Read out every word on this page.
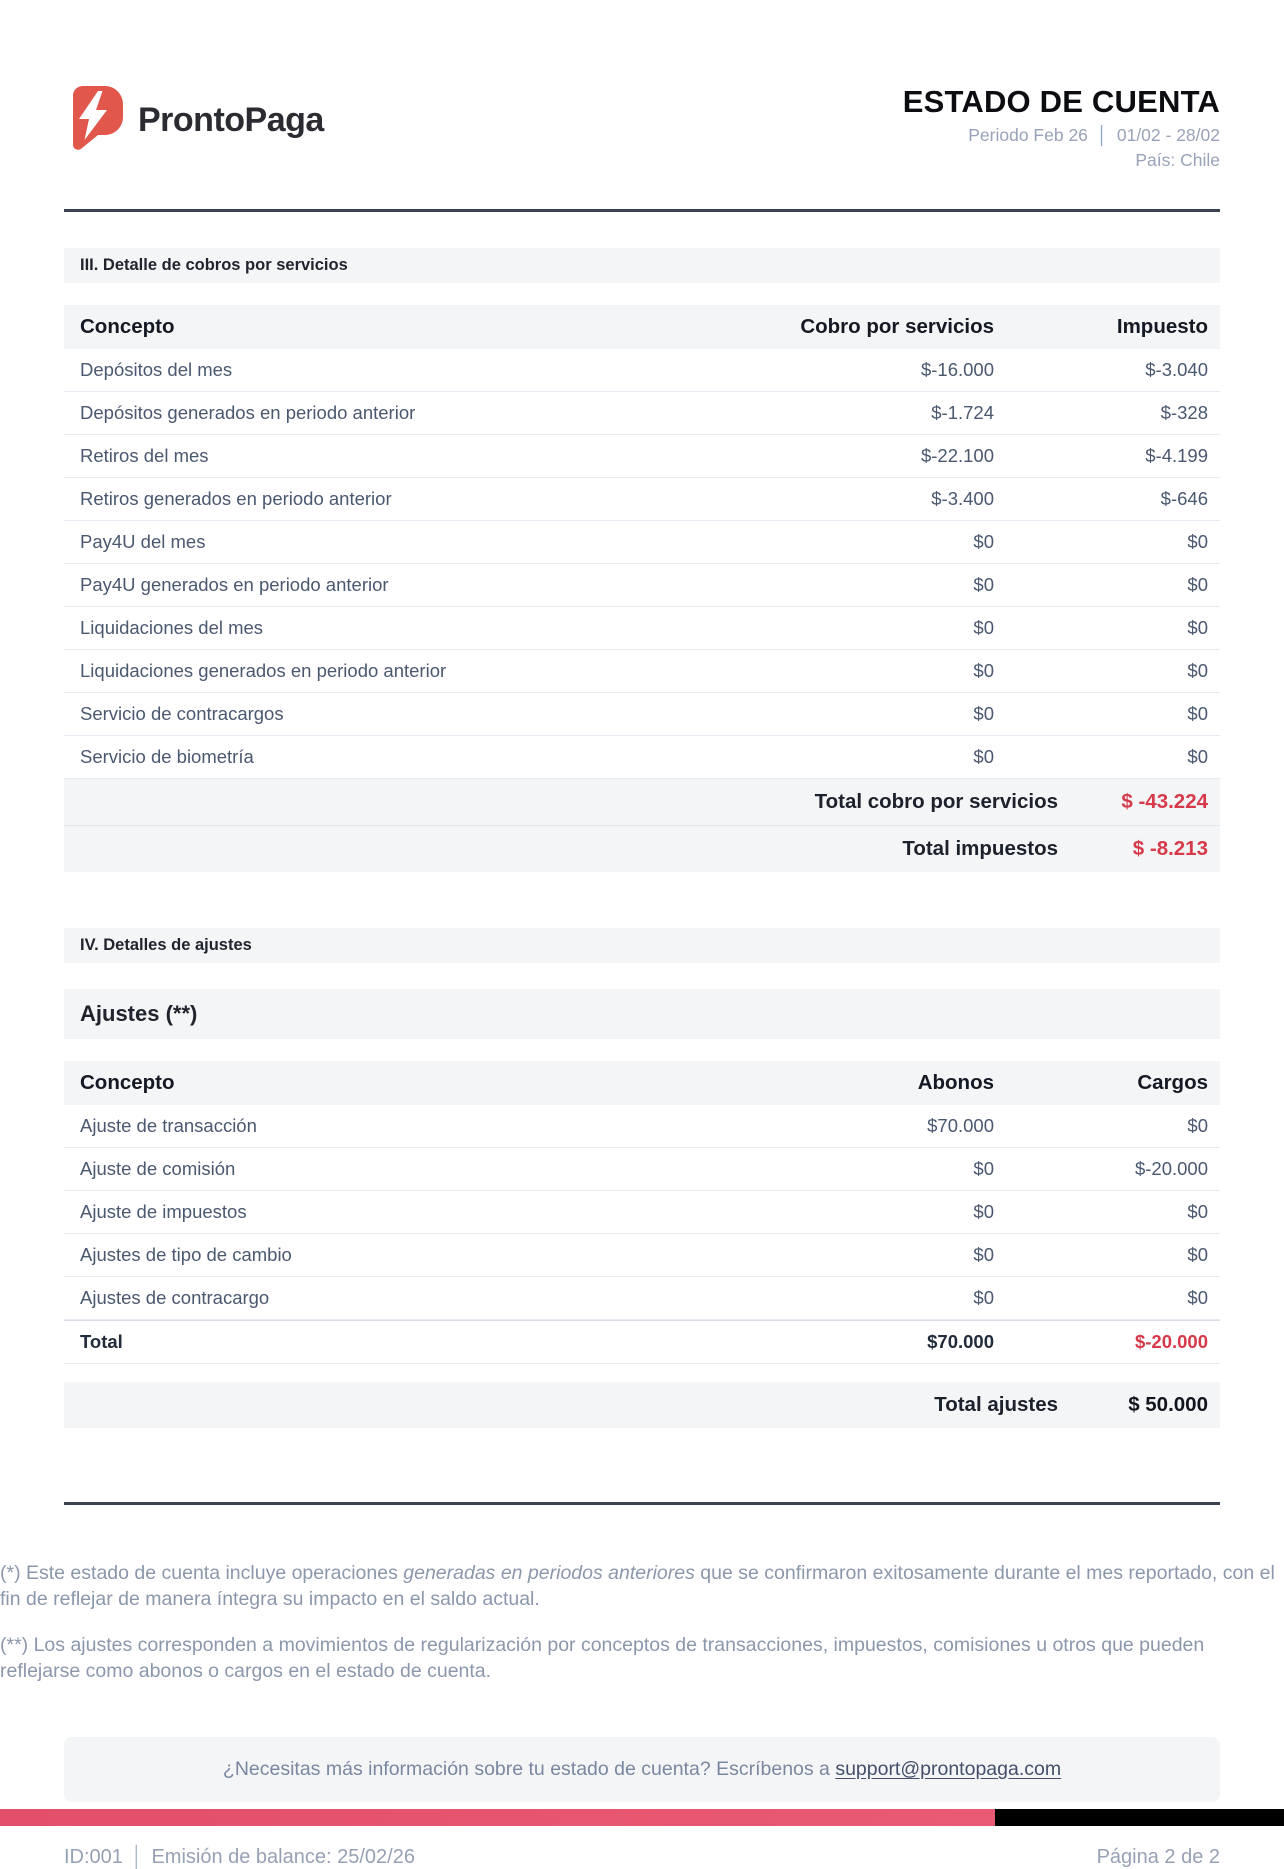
ProntoPaga	ESTADO DE CUENTA
Periodo Feb 26 │ 01/02 - 28/02
País: Chile
III. Detalle de cobros por servicios
Concepto	Cobro por servicios	Impuesto
Depósitos del mes	$-16.000	$-3.040
Depósitos generados en periodo anterior	$-1.724	$-328
Retiros del mes	$-22.100	$-4.199
Retiros generados en periodo anterior	$-3.400	$-646
Pay4U del mes	$0	$0
Pay4U generados en periodo anterior	$0	$0
Liquidaciones del mes	$0	$0
Liquidaciones generados en periodo anterior	$0	$0
Servicio de contracargos	$0	$0
Servicio de biometría	$0	$0
Total cobro por servicios	$ -43.224
Total impuestos	$ -8.213
IV. Detalles de ajustes
Ajustes (**)
Concepto	Abonos	Cargos
Ajuste de transacción	$70.000	$0
Ajuste de comisión	$0	$-20.000
Ajuste de impuestos	$0	$0
Ajustes de tipo de cambio	$0	$0
Ajustes de contracargo	$0	$0
Total	$70.000	$-20.000
Total ajustes	$ 50.000

(*) Este estado de cuenta incluye operaciones generadas en periodos anteriores que se confirmaron exitosamente durante el mes reportado, con el fin de reflejar de manera íntegra su impacto en el saldo actual.

(**) Los ajustes corresponden a movimientos de regularización por conceptos de transacciones, impuestos, comisiones u otros que pueden reflejarse como abonos o cargos en el estado de cuenta.

¿Necesitas más información sobre tu estado de cuenta? Escríbenos a support@prontopaga.com
ID:001 │ Emisión de balance: 25/02/26	Página 2 de 2
